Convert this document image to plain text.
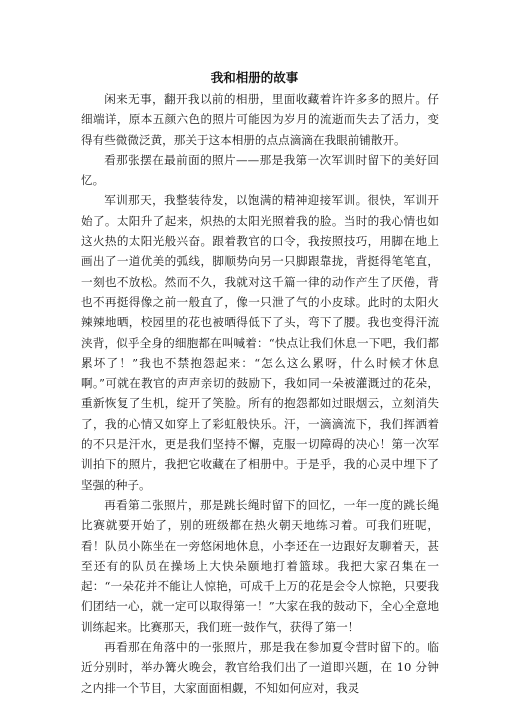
我和相册的故事

闲来无事，翻开我以前的相册，里面收藏着许许多多的照片。仔细端详，原本五颜六色的照片可能因为岁月的流逝而失去了活力，变得有些微微泛黄，那关于这本相册的点点滴滴在我眼前铺散开。

看那张摆在最前面的照片——那是我第一次军训时留下的美好回忆。

军训那天，我整装待发，以饱满的精神迎接军训。很快，军训开始了。太阳升了起来，炽热的太阳光照着我的脸。当时的我心情也如这火热的太阳光般兴奋。跟着教官的口令，我按照技巧，用脚在地上画出了一道优美的弧线，脚顺势向另一只脚跟靠拢，背挺得笔笔直，一刻也不放松。然而不久，我就对这千篇一律的动作产生了厌倦，背也不再挺得像之前一般直了，像一只泄了气的小皮球。此时的太阳火辣辣地晒，校园里的花也被晒得低下了头，弯下了腰。我也变得汗流浃背，似乎全身的细胞都在叫喊着：“快点让我们休息一下吧，我们都累坏了！”我也不禁抱怨起来：“怎么这么累呀，什么时候才休息啊。”可就在教官的声声亲切的鼓励下，我如同一朵被灌溉过的花朵，重新恢复了生机，绽开了笑脸。所有的抱怨都如过眼烟云，立刻消失了，我的心情又如穿上了彩虹般快乐。汗，一滴滴流下，我们挥洒着的不只是汗水，更是我们坚持不懈，克服一切障碍的决心！第一次军训拍下的照片，我把它收藏在了相册中。于是乎，我的心灵中埋下了坚强的种子。

再看第二张照片，那是跳长绳时留下的回忆，一年一度的跳长绳比赛就要开始了，别的班级都在热火朝天地练习着。可我们班呢，看！队员小陈坐在一旁悠闲地休息，小李还在一边跟好友聊着天，甚至还有的队员在操场上大快朵颐地打着篮球。我把大家召集在一起：“一朵花并不能让人惊艳，可成千上万的花是会令人惊艳，只要我们团结一心，就一定可以取得第一！”大家在我的鼓动下，全心全意地训练起来。比赛那天，我们班一鼓作气，获得了第一！

再看那在角落中的一张照片，那是我在参加夏令营时留下的。临近分别时，举办篝火晚会，教官给我们出了一道即兴题，在 10 分钟之内排一个节目，大家面面相觑，不知如何应对，我灵
